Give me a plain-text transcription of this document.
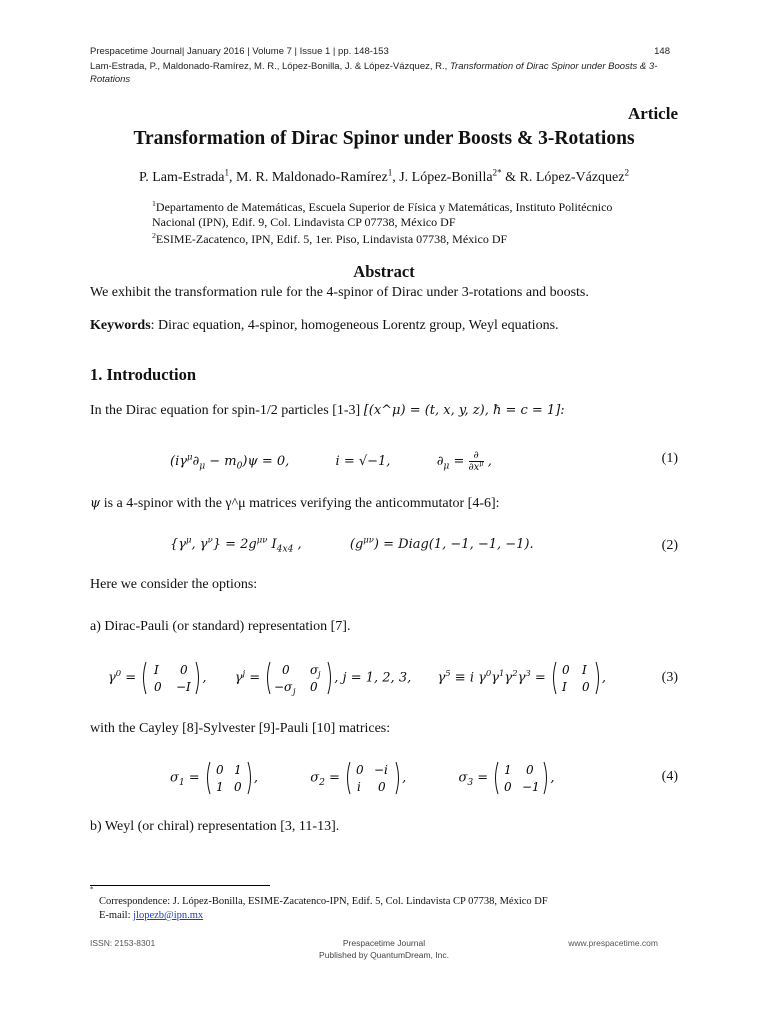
Prespacetime Journal| January 2016 | Volume 7 | Issue 1 | pp. 148-153	148
Lam-Estrada, P., Maldonado-Ramírez, M. R., López-Bonilla, J. & López-Vázquez, R., Transformation of Dirac Spinor under Boosts & 3-Rotations
Article
Transformation of Dirac Spinor under Boosts & 3-Rotations
P. Lam-Estrada$^1$, M. R. Maldonado-Ramírez$^1$, J. López-Bonilla$^{2*}$ & R. López-Vázquez$^2$
$^1$Departamento de Matemáticas, Escuela Superior de Física y Matemáticas, Instituto Politécnico Nacional (IPN), Edif. 9, Col. Lindavista CP 07738, México DF
$^2$ESIME-Zacatenco, IPN, Edif. 5, 1er. Piso, Lindavista 07738, México DF
Abstract
We exhibit the transformation rule for the 4-spinor of Dirac under 3-rotations and boosts.
Keywords: Dirac equation, 4-spinor, homogeneous Lorentz group, Weyl equations.
1. Introduction
In the Dirac equation for spin-1/2 particles [1-3] [(x^μ) = (t, x, y, z), ħ = c = 1]:
$(i\gamma^\mu\partial_\mu - m_0)\psi = 0$,	i = √−1,	$\partial_\mu$ = ∂
$\partial x^\mu$ ,	(1)
ψ is a 4-spinor with the γ^μ matrices verifying the anticommutator [4-6]:
{$\gamma^\mu$, $\gamma^\nu\} = 2g^{\mu\nu}$ $I_{4x4}$ ,	$(g^{\mu\nu})$ = Diag(1, −1, −1, −1).	(2)
Here we consider the options:
a) Dirac-Pauli (or standard) representation [7].
$\gamma^0$ =
I 0
0 −I
,  $\gamma^j$ =
0 σ j
−σ j 0
, j = 1, 2, 3,  $\gamma^5 \equiv i$ $\gamma^0\gamma^1\gamma^2\gamma^3$ =
0 I
I 0
,	(3)
with the Cayley [8]-Sylvester [9]-Pauli [10] matrices:
$\sigma_1$ =
0 1
1 0
,	$\sigma_2$ =
0 −i
i 0
,	$\sigma_3$ =
1 0
0 −1
,	(4)
b) Weyl (or chiral) representation [3, 11-13].
*
Correspondence: J. López-Bonilla, ESIME-Zacatenco-IPN, Edif. 5, Col. Lindavista CP 07738, México DF
E-mail: jlopezb@ipn.mx
ISSN: 2153-8301	Prespacetime Journal
Published by QuantumDream, Inc.
www.prespacetime.com
